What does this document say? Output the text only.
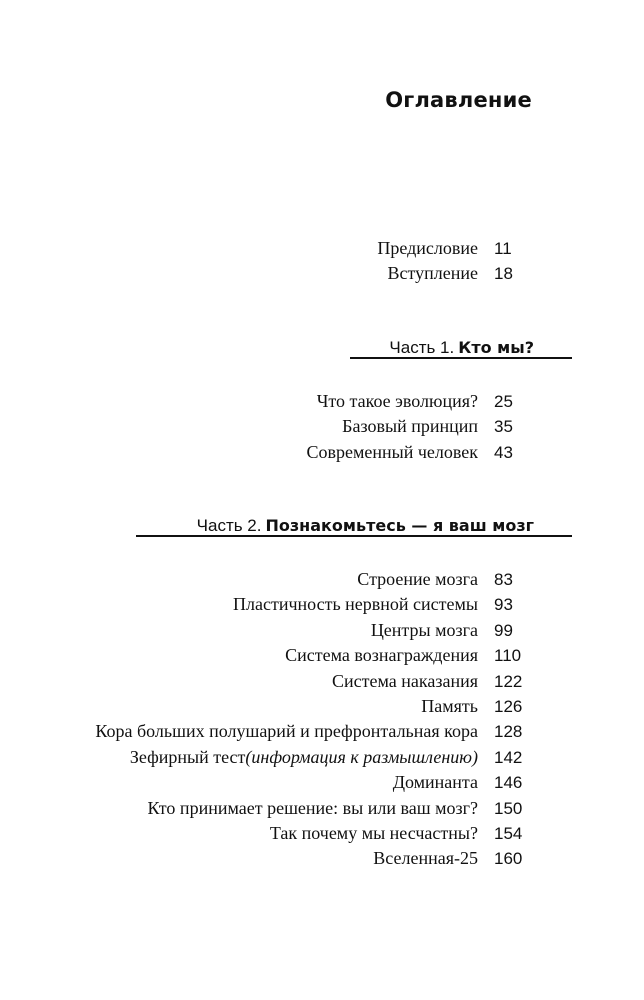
Оглавление
Предисловие 11
Вступление 18
Часть 1. Кто мы?
Что такое эволюция? 25
Базовый принцип 35
Современный человек 43
Часть 2. Познакомьтесь — я ваш мозг
Строение мозга 83
Пластичность нервной системы 93
Центры мозга 99
Система вознаграждения 110
Система наказания 122
Память 126
Кора больших полушарий и префронтальная кора 128
Зефирный тест(информация к размышлению) 142
Доминанта 146
Кто принимает решение: вы или ваш мозг? 150
Так почему мы несчастны? 154
Вселенная-25 160
